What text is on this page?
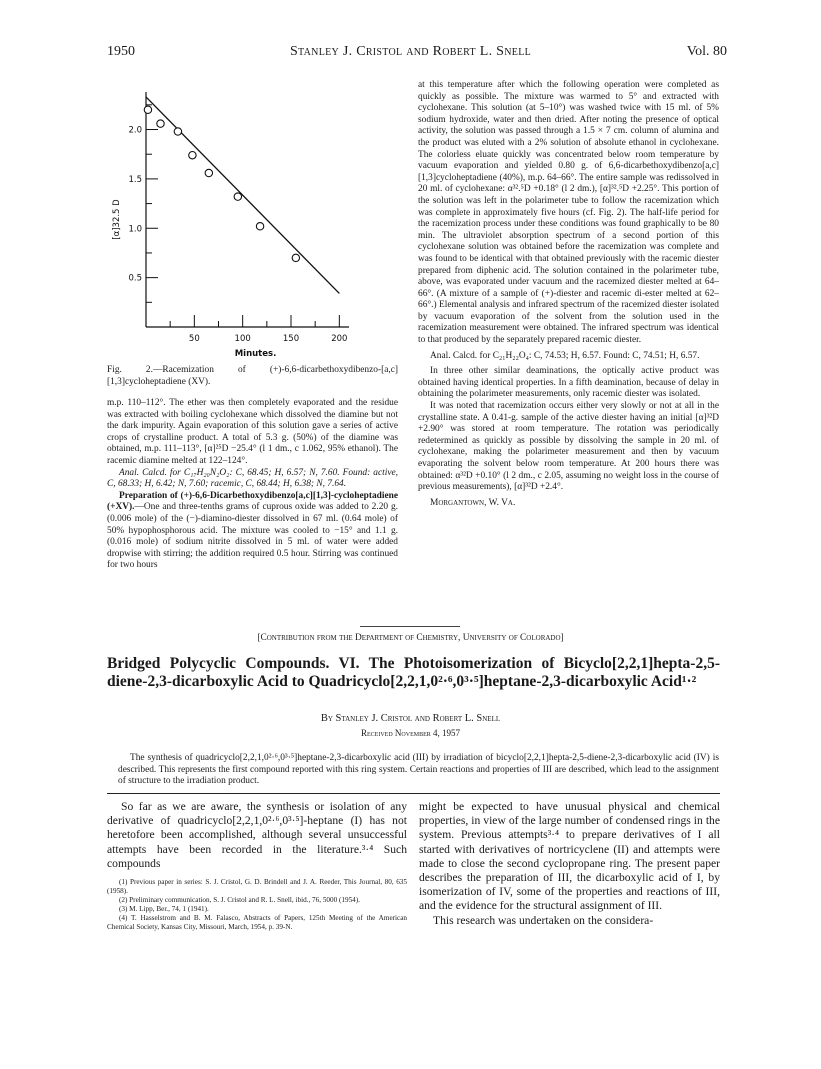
1950	Stanley J. Cristol and Robert L. Snell	Vol. 80
0.5
1.0
1.5
2.0
50	100	150	200
Minutes.
[α]32.5 D
Fig. 2.—Racemization of (+)-6,6-dicarbethoxydibenzo-[a,c][1,3]cycloheptadiene (XV).

m.p. 110–112°. The ether was then completely evaporated and the residue was extracted with boiling cyclohexane which dissolved the diamine but not the dark impurity. Again evaporation of this solution gave a series of active crops of crystalline product. A total of 5.3 g. (50%) of the diamine was obtained, m.p. 111–113°, [α]²⁵D −25.4° (l 1 dm., c 1.062, 95% ethanol). The racemic diamine melted at 122–124°.

Anal. Calcd. for C₁₇H₂₀N₂O₂: C, 68.45; H, 6.57; N, 7.60. Found: active, C, 68.33; H, 6.42; N, 7.60; racemic, C, 68.44; H, 6.38; N, 7.64.

Preparation of (+)-6,6-Dicarbethoxydibenzo[a,c][1,3]-cycloheptadiene (+XV).—One and three-tenths grams of cuprous oxide was added to 2.20 g. (0.006 mole) of the (−)-diamino-diester dissolved in 67 ml. (0.64 mole) of 50% hypophosphorous acid. The mixture was cooled to −15° and 1.1 g. (0.016 mole) of sodium nitrite dissolved in 5 ml. of water were added dropwise with stirring; the addition required 0.5 hour. Stirring was continued for two hours

at this temperature after which the following operation were completed as quickly as possible. The mixture was warmed to 5° and extracted with cyclohexane. This solution (at 5–10°) was washed twice with 15 ml. of 5% sodium hydroxide, water and then dried. After noting the presence of optical activity, the solution was passed through a 1.5 × 7 cm. column of alumina and the product was eluted with a 2% solution of absolute ethanol in cyclohexane. The colorless eluate quickly was concentrated below room temperature by vacuum evaporation and yielded 0.80 g. of 6,6-dicarbethoxydibenzo[a,c][1,3]cycloheptadiene (40%), m.p. 64–66°. The entire sample was redissolved in 20 ml. of cyclohexane: α³².⁵D +0.18° (l 2 dm.), [α]³².⁵D +2.25°. This portion of the solution was left in the polarimeter tube to follow the racemization which was complete in approximately five hours (cf. Fig. 2). The half-life period for the racemization process under these conditions was found graphically to be 80 min. The ultraviolet absorption spectrum of a second portion of this cyclohexane solution was obtained before the racemization was complete and was found to be identical with that obtained previously with the racemic diester prepared from diphenic acid. The solution contained in the polarimeter tube, above, was evaporated under vacuum and the racemized diester melted at 64–66°. (A mixture of a sample of (+)-diester and racemic di-ester melted at 62–66°.) Elemental analysis and infrared spectrum of the racemized diester isolated by vacuum evaporation of the solvent from the solution used in the racemization measurement were obtained. The infrared spectrum was identical to that produced by the separately prepared racemic diester.

Anal. Calcd. for C₂₁H₂₂O₄: C, 74.53; H, 6.57. Found: C, 74.51; H, 6.57.

In three other similar deaminations, the optically active product was obtained having identical properties. In a fifth deamination, because of delay in obtaining the polarimeter measurements, only racemic diester was isolated.

It was noted that racemization occurs either very slowly or not at all in the crystalline state. A 0.41-g. sample of the active diester having an initial [α]³²D +2.90° was stored at room temperature. The rotation was periodically redetermined as quickly as possible by dissolving the sample in 20 ml. of cyclohexane, making the polarimeter measurement and then by vacuum evaporating the solvent below room temperature. At 200 hours there was obtained: α³²D +0.10° (l 2 dm., c 2.05, assuming no weight loss in the course of previous measurements), [α]³²D +2.4°.

Morgantown, W. Va.

[Contribution from the Department of Chemistry, University of Colorado]
Bridged Polycyclic Compounds. VI. The Photoisomerization of Bicyclo[2,2,1]hepta-2,5-diene-2,3-dicarboxylic Acid to Quadricyclo[2,2,1,0²·⁶,0³·⁵]heptane-2,3-dicarboxylic Acid¹·²
By Stanley J. Cristol and Robert L. Snell
Received November 4, 1957
The synthesis of quadricyclo[2,2,1,0²·⁶,0³·⁵]heptane-2,3-dicarboxylic acid (III) by irradiation of bicyclo[2,2,1]hepta-2,5-diene-2,3-dicarboxylic acid (IV) is described. This represents the first compound reported with this ring system. Certain reactions and properties of III are described, which lead to the assignment of structure to the irradiation product.

So far as we are aware, the synthesis or isolation of any derivative of quadricyclo[2,2,1,0²·⁶,0³·⁵]-heptane (I) has not heretofore been accomplished, although several unsuccessful attempts have been recorded in the literature.³·⁴ Such compounds

(1) Previous paper in series: S. J. Cristol, G. D. Brindell and J. A. Reeder, This Journal, 80, 635 (1958).
(2) Preliminary communication, S. J. Cristol and R. L. Snell, ibid., 76, 5000 (1954).
(3) M. Lipp, Ber., 74, 1 (1941).
(4) T. Hasselstrom and B. M. Falasco, Abstracts of Papers, 125th Meeting of the American Chemical Society, Kansas City, Missouri, March, 1954, p. 39-N.

might be expected to have unusual physical and chemical properties, in view of the large number of condensed rings in the system. Previous attempts³·⁴ to prepare derivatives of I all started with derivatives of nortricyclene (II) and attempts were made to close the second cyclopropane ring. The present paper describes the preparation of III, the dicarboxylic acid of I, by isomerization of IV, some of the properties and reactions of III, and the evidence for the structural assignment of III.

This research was undertaken on the considera-
